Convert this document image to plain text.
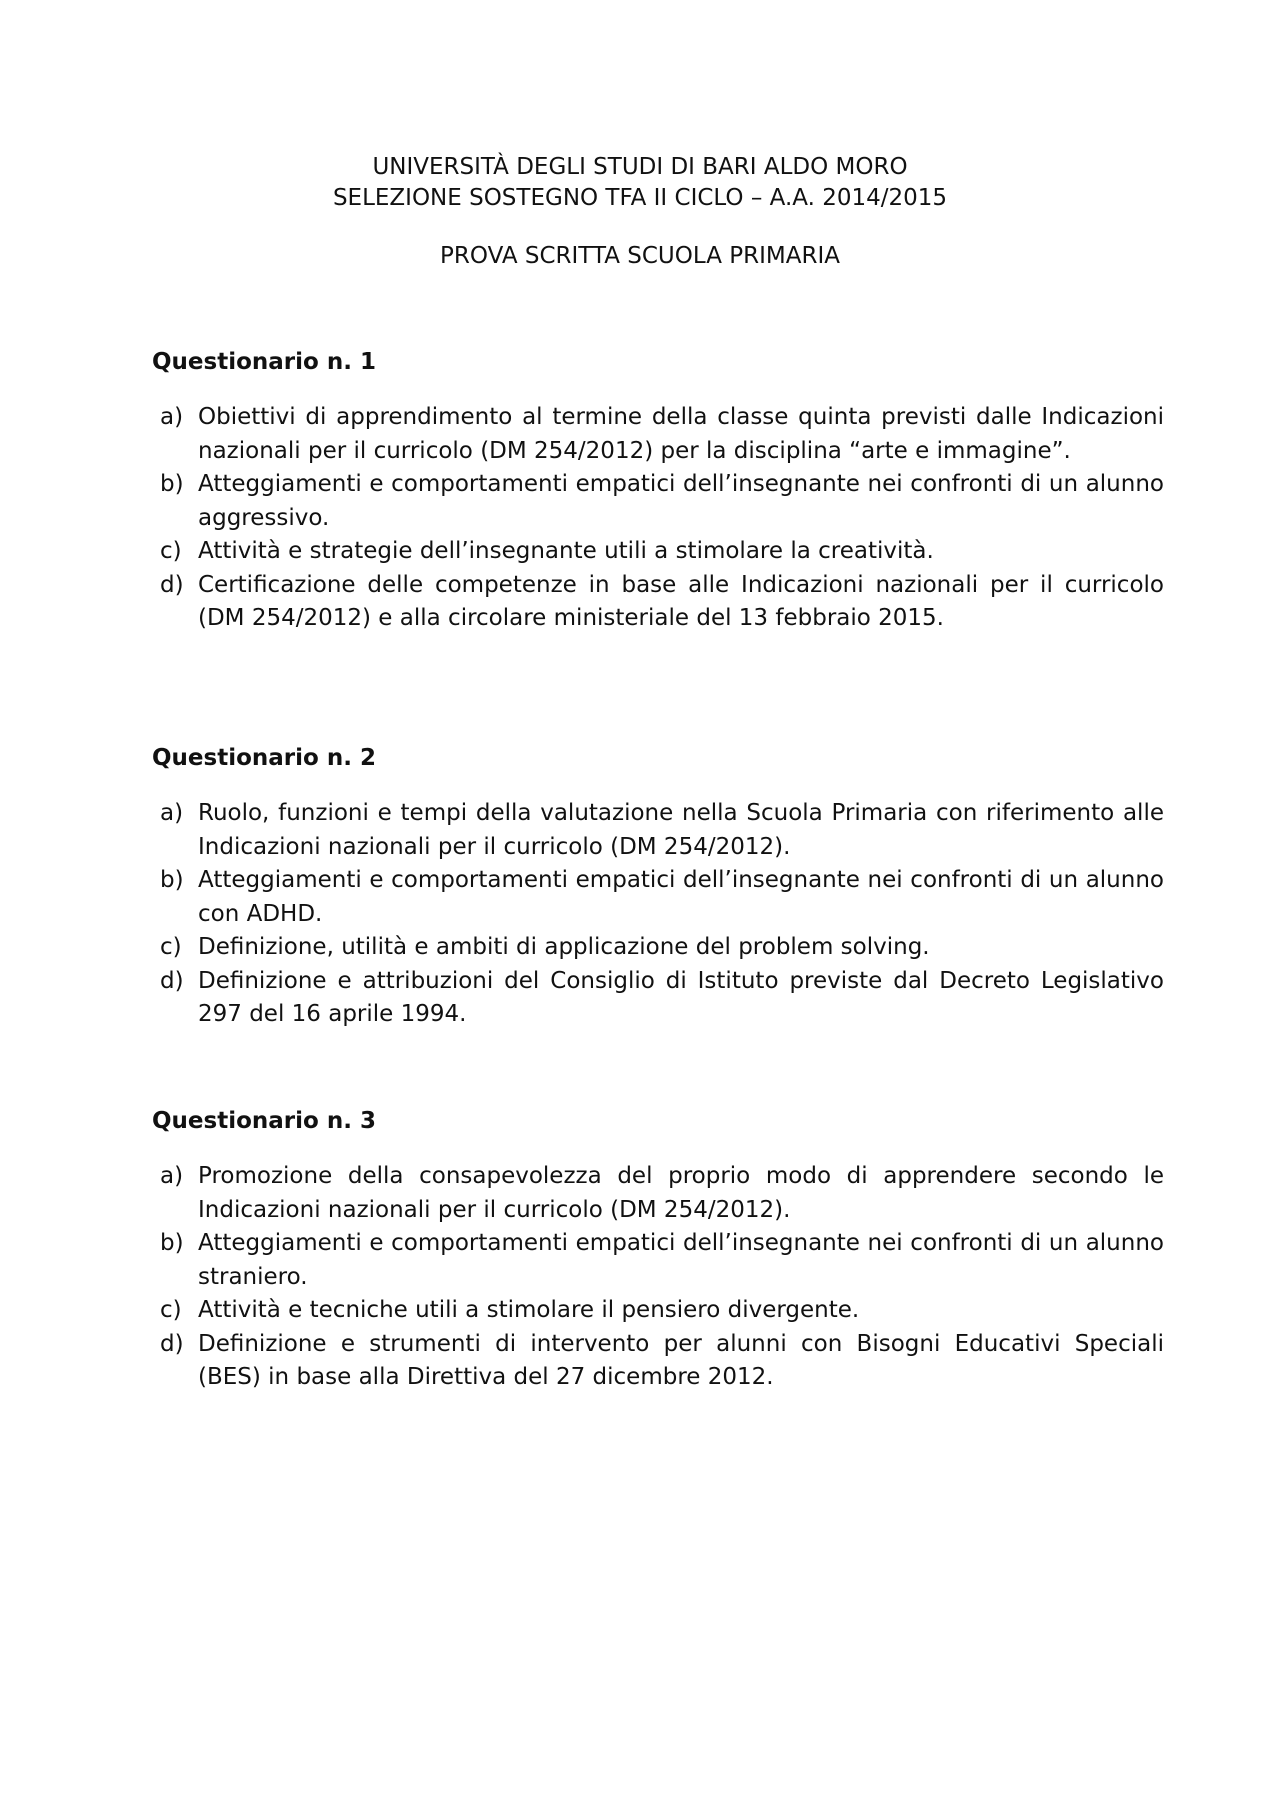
UNIVERSITÀ DEGLI STUDI DI BARI ALDO MORO
SELEZIONE SOSTEGNO TFA II CICLO – A.A. 2014/2015
PROVA SCRITTA SCUOLA PRIMARIA
Questionario n. 1
a) Obiettivi di apprendimento al termine della classe quinta previsti dalle Indicazioni nazionali per il curricolo (DM 254/2012) per la disciplina “arte e immagine”.
b) Atteggiamenti e comportamenti empatici dell’insegnante nei confronti di un alunno aggressivo.
c) Attività e strategie dell’insegnante utili a stimolare la creatività.
d) Certificazione delle competenze in base alle Indicazioni nazionali per il curricolo (DM 254/2012) e alla circolare ministeriale del 13 febbraio 2015.
Questionario n. 2
a) Ruolo, funzioni e tempi della valutazione nella Scuola Primaria con riferimento alle Indicazioni nazionali per il curricolo (DM 254/2012).
b) Atteggiamenti e comportamenti empatici dell’insegnante nei confronti di un alunno con ADHD.
c) Definizione, utilità e ambiti di applicazione del problem solving.
d) Definizione e attribuzioni del Consiglio di Istituto previste dal Decreto Legislativo 297 del 16 aprile 1994.
Questionario n. 3
a) Promozione della consapevolezza del proprio modo di apprendere secondo le Indicazioni nazionali per il curricolo (DM 254/2012).
b) Atteggiamenti e comportamenti empatici dell’insegnante nei confronti di un alunno straniero.
c) Attività e tecniche utili a stimolare il pensiero divergente.
d) Definizione e strumenti di intervento per alunni con Bisogni Educativi Speciali (BES) in base alla Direttiva del 27 dicembre 2012.
